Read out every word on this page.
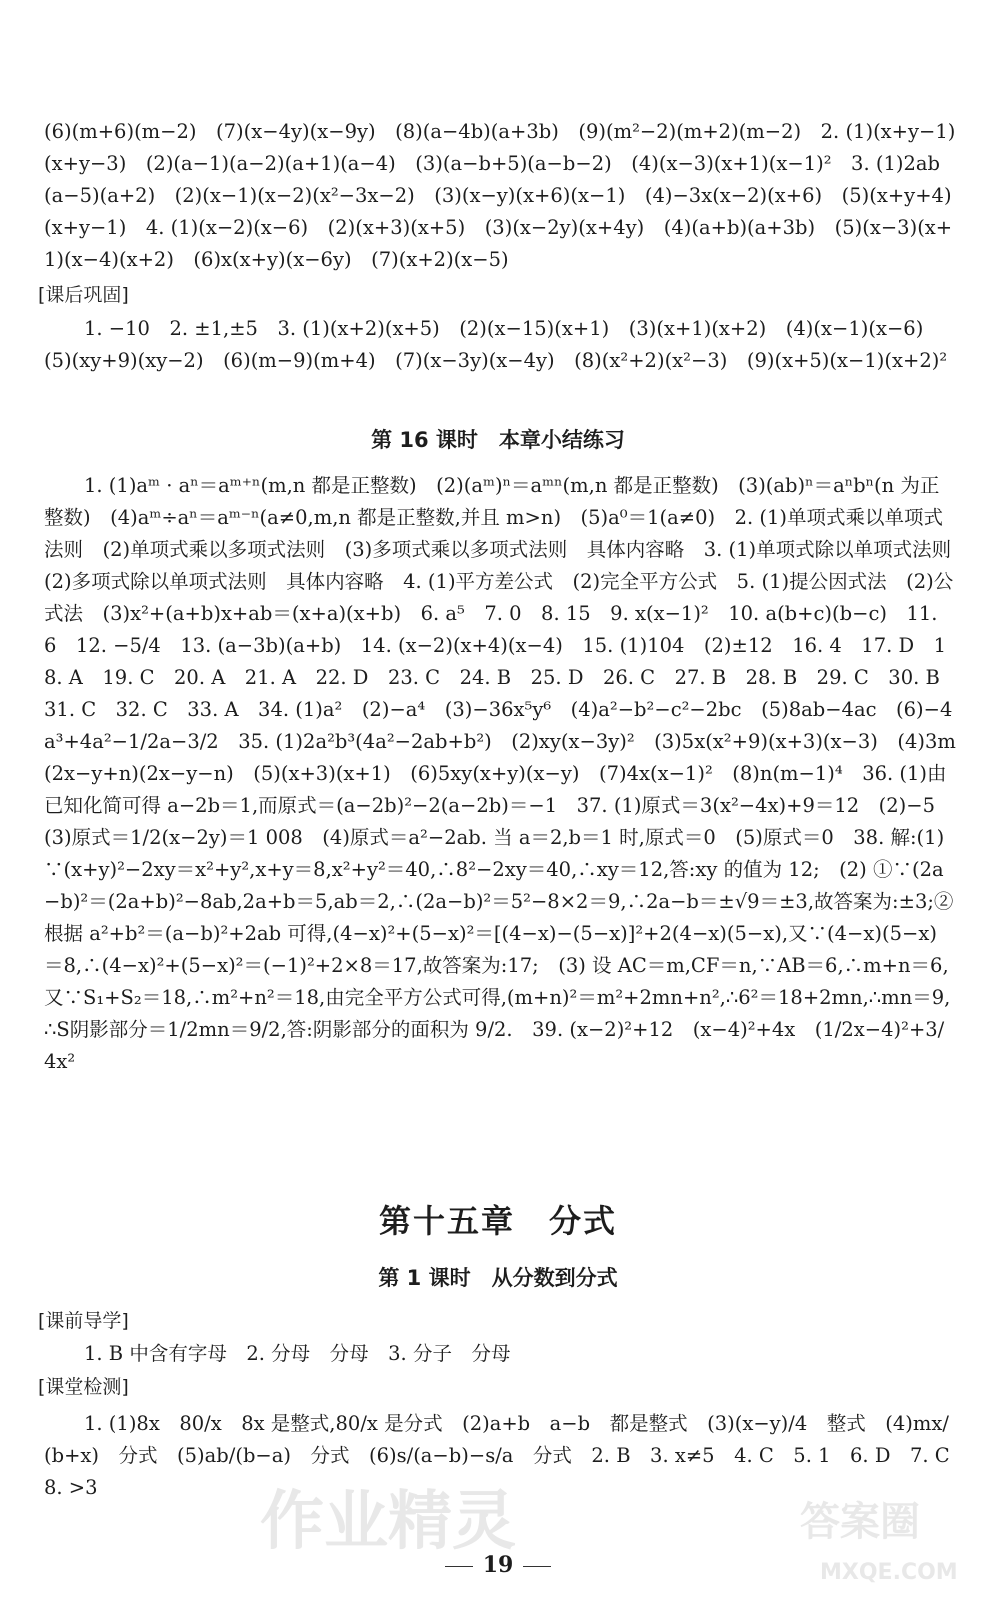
(6)(m+6)(m−2)　(7)(x−4y)(x−9y)　(8)(a−4b)(a+3b)　(9)(m²−2)(m+2)(m−2)　2. (1)(x+y−1)(x+y−3)　(2)(a−1)(a−2)(a+1)(a−4)　(3)(a−b+5)(a−b−2)　(4)(x−3)(x+1)(x−1)²　3. (1)2ab(a−5)(a+2)　(2)(x−1)(x−2)(x²−3x−2)　(3)(x−y)(x+6)(x−1)　(4)−3x(x−2)(x+6)　(5)(x+y+4)(x+y−1)　4. (1)(x−2)(x−6)　(2)(x+3)(x+5)　(3)(x−2y)(x+4y)　(4)(a+b)(a+3b)　(5)(x−3)(x+1)(x−4)(x+2)　(6)x(x+y)(x−6y)　(7)(x+2)(x−5)

[课后巩固]

1. −10　2. ±1,±5　3. (1)(x+2)(x+5)　(2)(x−15)(x+1)　(3)(x+1)(x+2)　(4)(x−1)(x−6)　(5)(xy+9)(xy−2)　(6)(m−9)(m+4)　(7)(x−3y)(x−4y)　(8)(x²+2)(x²−3)　(9)(x+5)(x−1)(x+2)²

第 16 课时　本章小结练习

1. (1)aᵐ · aⁿ＝aᵐ⁺ⁿ(m,n 都是正整数)　(2)(aᵐ)ⁿ＝aᵐⁿ(m,n 都是正整数)　(3)(ab)ⁿ＝aⁿbⁿ(n 为正整数)　(4)aᵐ÷aⁿ＝aᵐ⁻ⁿ(a≠0,m,n 都是正整数,并且 m>n)　(5)a⁰＝1(a≠0)　2. (1)单项式乘以单项式法则　(2)单项式乘以多项式法则　(3)多项式乘以多项式法则　具体内容略　3. (1)单项式除以单项式法则　(2)多项式除以单项式法则　具体内容略　4. (1)平方差公式　(2)完全平方公式　5. (1)提公因式法　(2)公式法　(3)x²+(a+b)x+ab＝(x+a)(x+b)　6. a⁵　7. 0　8. 15　9. x(x−1)²　10. a(b+c)(b−c)　11. 6　12. −5/4　13. (a−3b)(a+b)　14. (x−2)(x+4)(x−4)　15. (1)104　(2)±12　16. 4　17. D　18. A　19. C　20. A　21. A　22. D　23. C　24. B　25. D　26. C　27. B　28. B　29. C　30. B　31. C　32. C　33. A　34. (1)a²　(2)−a⁴　(3)−36x⁵y⁶　(4)a²−b²−c²−2bc　(5)8ab−4ac　(6)−4a³+4a²−1/2a−3/2　35. (1)2a²b³(4a²−2ab+b²)　(2)xy(x−3y)²　(3)5x(x²+9)(x+3)(x−3)　(4)3m(2x−y+n)(2x−y−n)　(5)(x+3)(x+1)　(6)5xy(x+y)(x−y)　(7)4x(x−1)²　(8)n(m−1)⁴　36. (1)由已知化简可得 a−2b＝1,而原式＝(a−2b)²−2(a−2b)＝−1　37. (1)原式＝3(x²−4x)+9＝12　(2)−5　(3)原式＝1/2(x−2y)＝1 008　(4)原式＝a²−2ab. 当 a＝2,b＝1 时,原式＝0　(5)原式＝0　38. 解:(1) ∵(x+y)²−2xy＝x²+y²,x+y＝8,x²+y²＝40,∴8²−2xy＝40,∴xy＝12,答:xy 的值为 12;　(2) ①∵(2a−b)²＝(2a+b)²−8ab,2a+b＝5,ab＝2,∴(2a−b)²＝5²−8×2＝9,∴2a−b＝±√9＝±3,故答案为:±3;②根据 a²+b²＝(a−b)²+2ab 可得,(4−x)²+(5−x)²＝[(4−x)−(5−x)]²+2(4−x)(5−x),又∵(4−x)(5−x)＝8,∴(4−x)²+(5−x)²＝(−1)²+2×8＝17,故答案为:17;　(3) 设 AC＝m,CF＝n,∵AB＝6,∴m+n＝6,又∵S₁+S₂＝18,∴m²+n²＝18,由完全平方公式可得,(m+n)²＝m²+2mn+n²,∴6²＝18+2mn,∴mn＝9,∴S阴影部分＝1/2mn＝9/2,答:阴影部分的面积为 9/2.　39. (x−2)²+12　(x−4)²+4x　(1/2x−4)²+3/4x²

第十五章　分式
第 1 课时　从分数到分式
[课前导学]

1. B 中含有字母　2. 分母　分母　3. 分子　分母

[课堂检测]

1. (1)8x　80/x　8x 是整式,80/x 是分式　(2)a+b　a−b　都是整式　(3)(x−y)/4　整式　(4)mx/(b+x)　分式　(5)ab/(b−a)　分式　(6)s/(a−b)−s/a　分式　2. B　3. x≠5　4. C　5. 1　6. D　7. C　8. >3

19
作业精灵	答案圈
MXQE.COM
